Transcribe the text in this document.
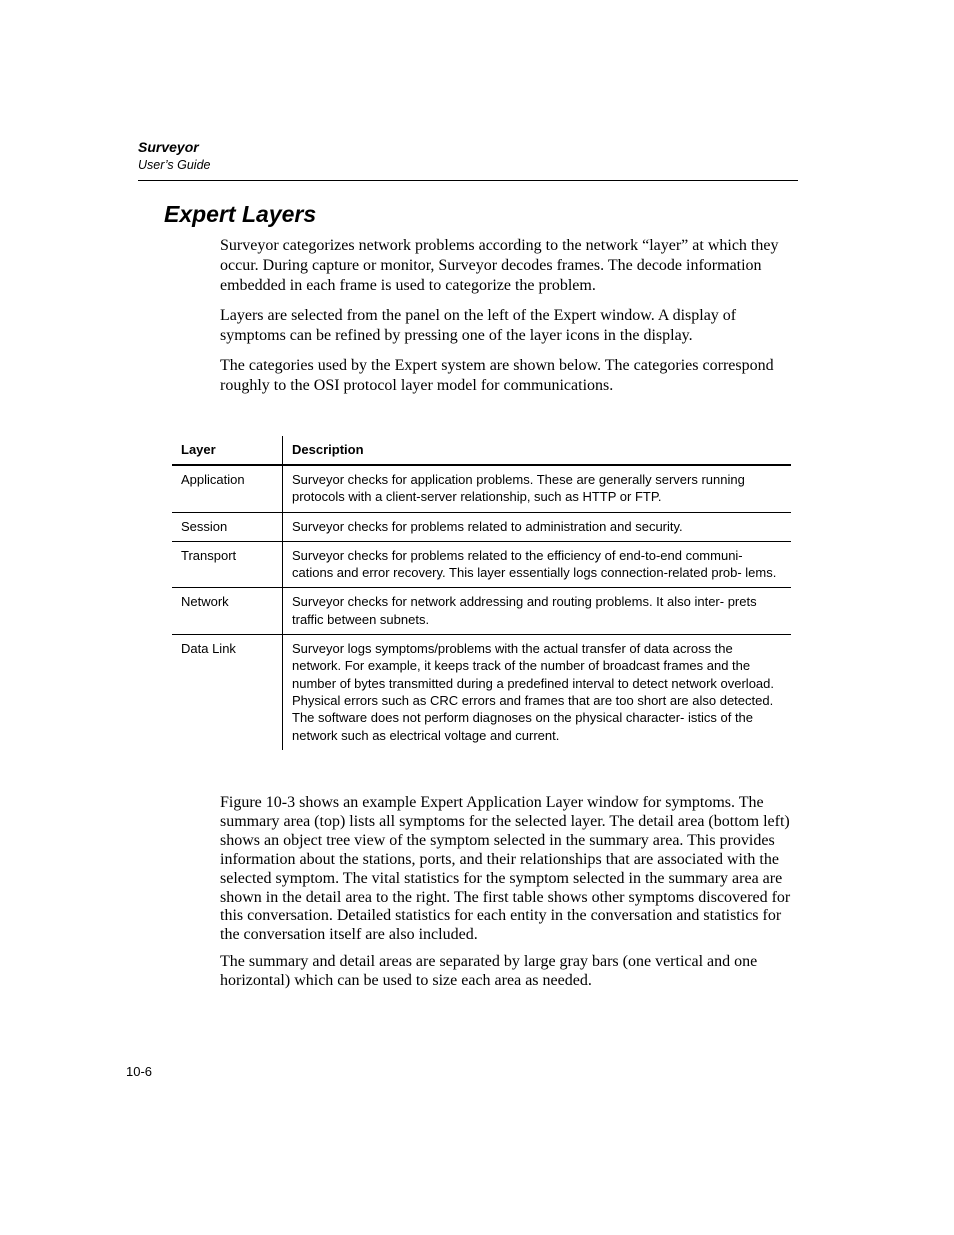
Surveyor
User’s Guide
Expert Layers

Surveyor categorizes network problems according to the network “layer” at which they occur. During capture or monitor, Surveyor decodes frames. The decode information embedded in each frame is used to categorize the problem.

Layers are selected from the panel on the left of the Expert window. A display of symptoms can be refined by pressing one of the layer icons in the display.

The categories used by the Expert system are shown below. The categories correspond roughly to the OSI protocol layer model for communications.

Layer	Description
Application	Surveyor checks for application problems. These are generally servers running protocols with a client-server relationship, such as HTTP or FTP.
Session	Surveyor checks for problems related to administration and security.
Transport	Surveyor checks for problems related to the efficiency of end-to-end communi- cations and error recovery. This layer essentially logs connection-related prob- lems.
Network	Surveyor checks for network addressing and routing problems. It also inter- prets traffic between subnets.
Data Link	Surveyor logs symptoms/problems with the actual transfer of data across the network. For example, it keeps track of the number of broadcast frames and the number of bytes transmitted during a predefined interval to detect network overload.
Physical errors such as CRC errors and frames that are too short are also detected. The software does not perform diagnoses on the physical character- istics of the network such as electrical voltage and current.

Figure 10-3 shows an example Expert Application Layer window for symptoms. The summary area (top) lists all symptoms for the selected layer. The detail area (bottom left) shows an object tree view of the symptom selected in the summary area. This provides information about the stations, ports, and their relationships that are associated with the selected symptom. The vital statistics for the symptom selected in the summary area are shown in the detail area to the right. The first table shows other symptoms discovered for this conversation. Detailed statistics for each entity in the conversation and statistics for the conversation itself are also included.

The summary and detail areas are separated by large gray bars (one vertical and one horizontal) which can be used to size each area as needed.

10-6
